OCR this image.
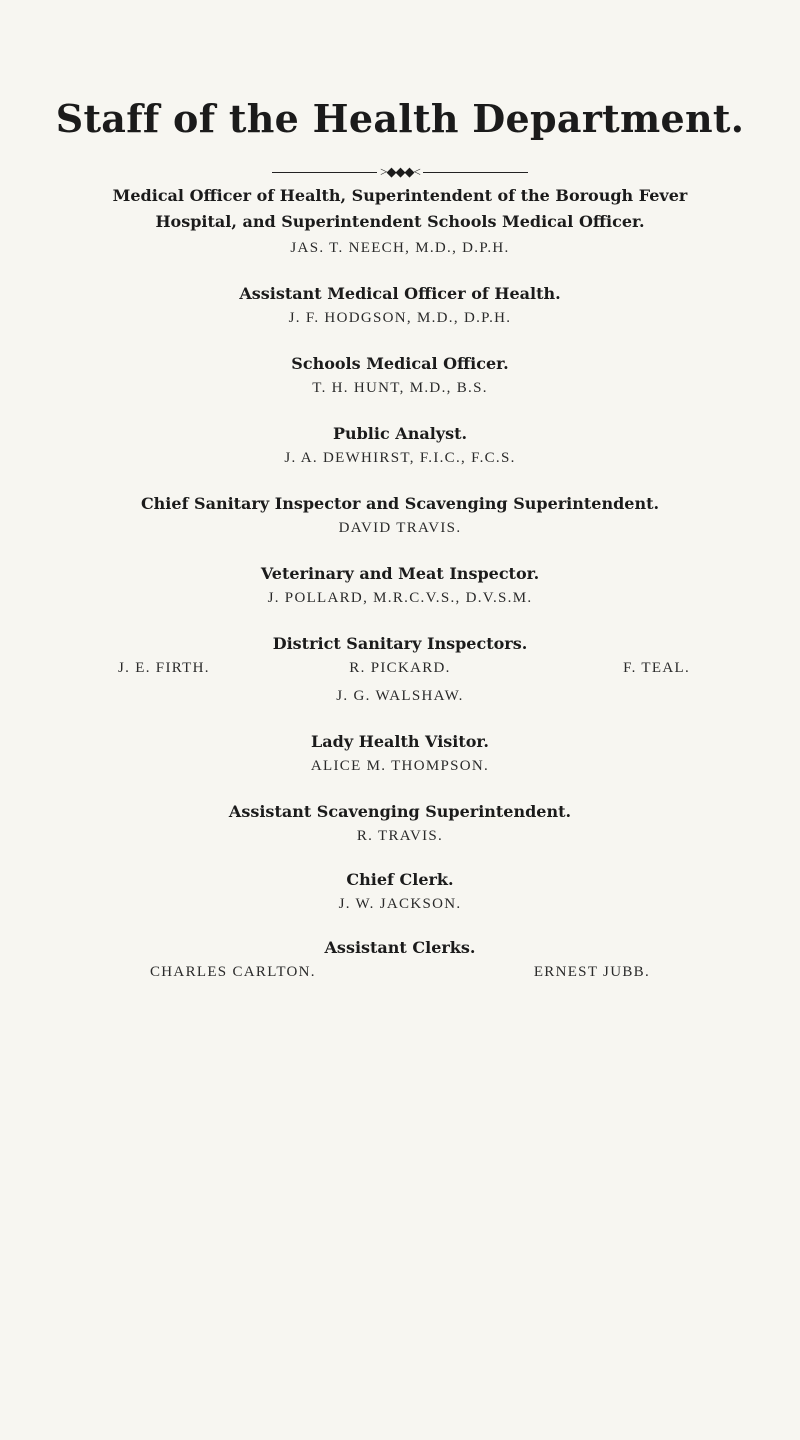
Staff of the Health Department.
>◆◆◆<
Medical Officer of Health, Superintendent of the Borough Fever
Hospital, and Superintendent Schools Medical Officer.
JAS. T. NEECH, M.D., D.P.H.
Assistant Medical Officer of Health.
J. F. HODGSON, M.D., D.P.H.
Schools Medical Officer.
T. H. HUNT, M.D., B.S.
Public Analyst.
J. A. DEWHIRST, F.I.C., F.C.S.
Chief Sanitary Inspector and Scavenging Superintendent.
DAVID TRAVIS.
Veterinary and Meat Inspector.
J. POLLARD, M.R.C.V.S., D.V.S.M.
District Sanitary Inspectors.
J. E. FIRTH.	R. PICKARD.	F. TEAL.
J. G. WALSHAW.
Lady Health Visitor.
ALICE M. THOMPSON.
Assistant Scavenging Superintendent.
R. TRAVIS.
Chief Clerk.
J. W. JACKSON.
Assistant Clerks.
CHARLES CARLTON.	ERNEST JUBB.
